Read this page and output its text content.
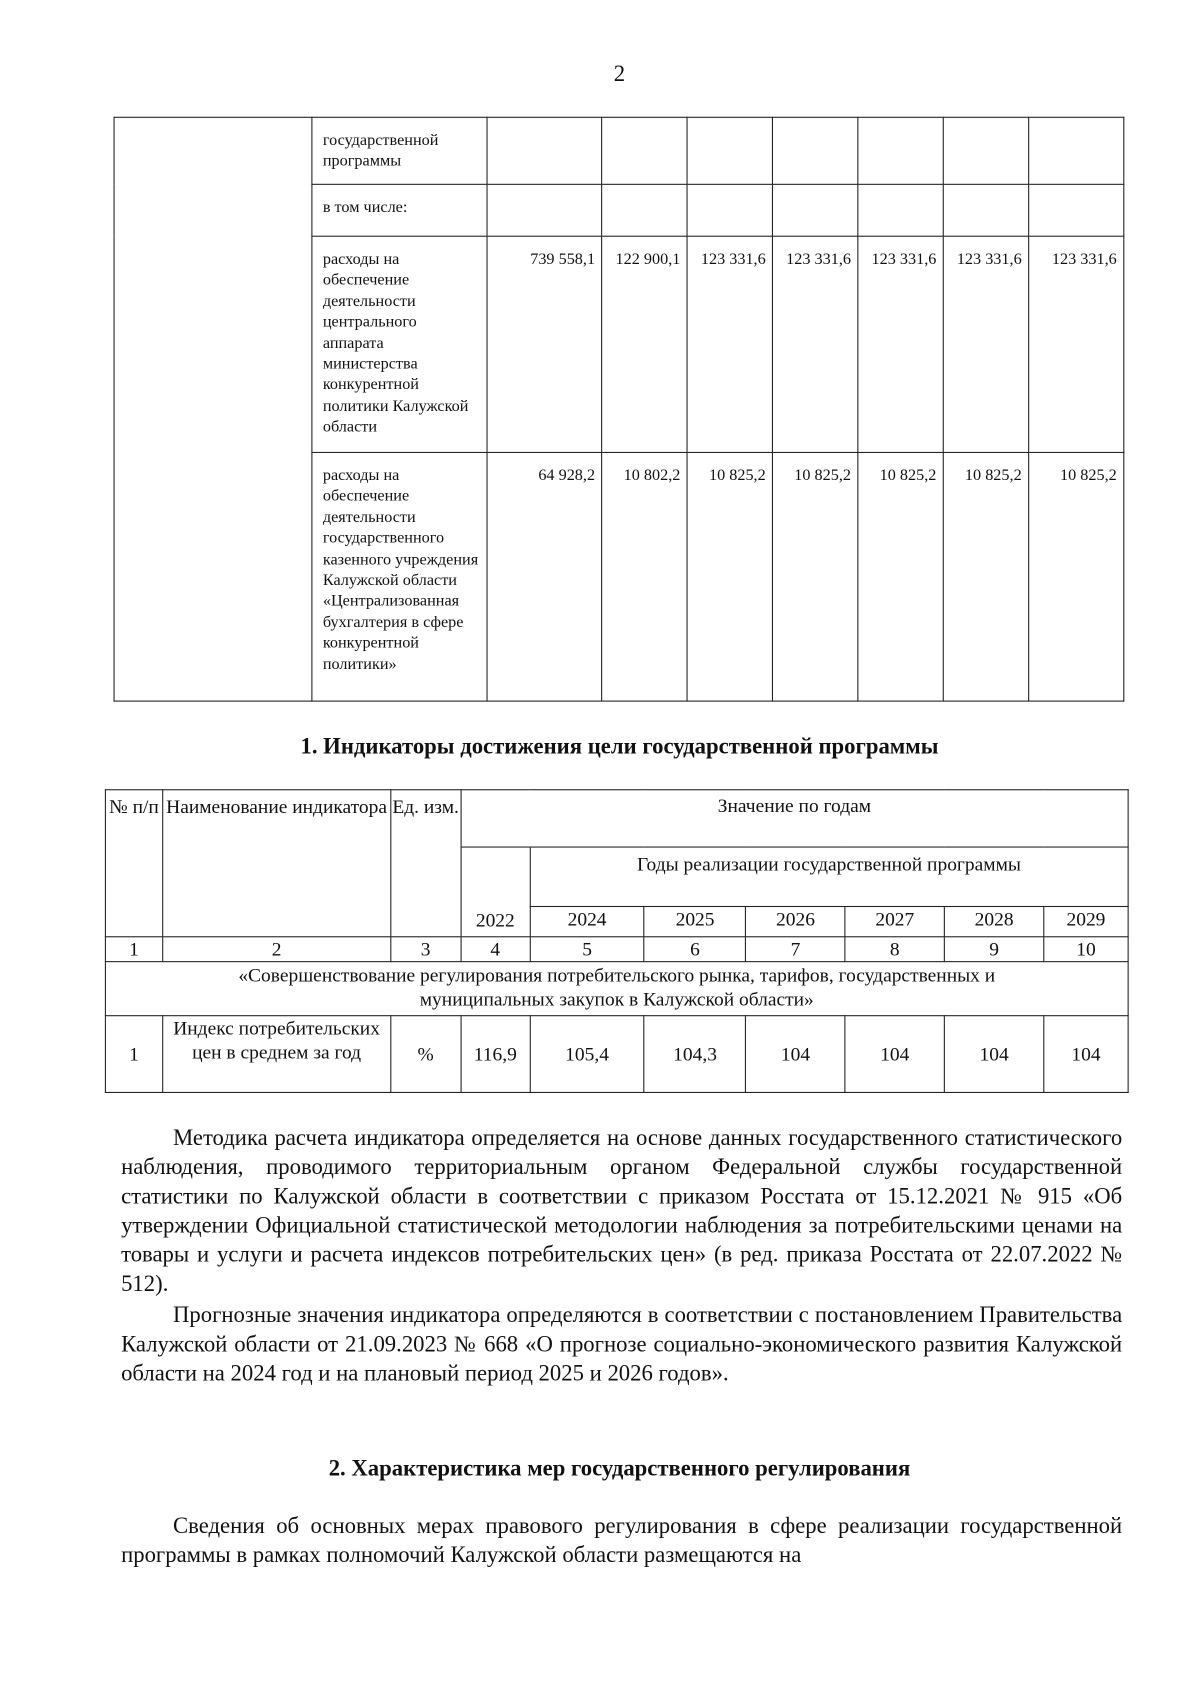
2
	государственной программы							
	в том числе:							
	расходы на обеспечение деятельности центрального аппарата министерства конкурентной политики Калужской области	739 558,1	122 900,1	123 331,6	123 331,6	123 331,6	123 331,6	123 331,6
	расходы на обеспечение деятельности государственного казенного учреждения Калужской области «Централизованная бухгалтерия в сфере конкурентной политики»	64 928,2	10 802,2	10 825,2	10 825,2	10 825,2	10 825,2	10 825,2
1. Индикаторы достижения цели государственной программы
№ п/п	Наименование индикатора	Ед. изм.	Значение по годам						
			2022	Годы реализации государственной программы					
				2024	2025	2026	2027	2028	2029
1	2	3	4	5	6	7	8	9	10
«Совершенствование регулирования потребительского рынка, тарифов, государственных и муниципальных закупок в Калужской области»									
1	Индекс потребительских цен в среднем за год	%	116,9	105,4	104,3	104	104	104	104

Методика расчета индикатора определяется на основе данных государственного статистического наблюдения, проводимого территориальным органом Федеральной службы государственной статистики по Калужской области в соответствии с приказом Росстата от 15.12.2021 № 915 «Об утверждении Официальной статистической методологии наблюдения за потребительскими ценами на товары и услуги и расчета индексов потребительских цен» (в ред. приказа Росстата от 22.07.2022 № 512).

Прогнозные значения индикатора определяются в соответствии с постановлением Правительства Калужской области от 21.09.2023 № 668 «О прогнозе социально-экономического развития Калужской области на 2024 год и на плановый период 2025 и 2026 годов».

2. Характеристика мер государственного регулирования

Сведения об основных мерах правового регулирования в сфере реализации государственной программы в рамках полномочий Калужской области размещаются на
